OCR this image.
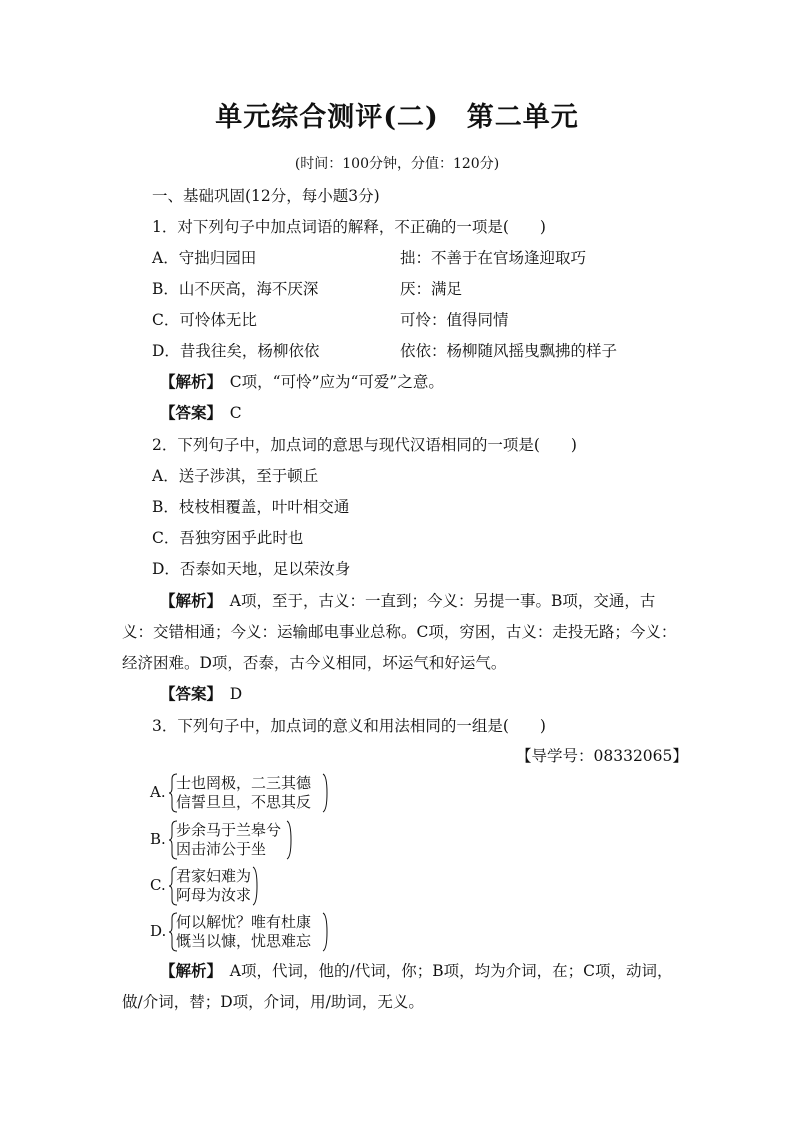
单元综合测评(二) 第二单元
(时间：100分钟，分值：120分)
一、基础巩固(12分，每小题3分)
1．对下列句子中加点词语的解释，不正确的一项是(　　)
A．守拙归园田	拙：不善于在官场逢迎取巧
B．山不厌高，海不厌深	厌：满足
C．可怜体无比	可怜：值得同情
D．昔我往矣，杨柳依依	依依：杨柳随风摇曳飘拂的样子
【解析】　 C项，“可怜”应为“可爱”之意。
【答案】　 C
2．下列句子中，加点词的意思与现代汉语相同的一项是(　　)
A．送子涉淇，至于顿丘
B．枝枝相覆盖，叶叶相交通
C．吾独穷困乎此时也
D．否泰如天地，足以荣汝身
【解析】　 A项，至于，古义：一直到；今义：另提一事。B项，交通，古
义：交错相通；今义：运输邮电事业总称。C项，穷困，古义：走投无路；今义：
经济困难。D项，否泰，古今义相同，坏运气和好运气。
【答案】　 D
3．下列句子中，加点词的意义和用法相同的一组是(　　)
【导学号：08332065】
A. 士也罔极，二三其德
信誓旦旦，不思其反
B. 步余马于兰皋兮
因击沛公于坐
C. 君家妇难为
阿母为汝求
D. 何以解忧？唯有杜康
慨当以慷，忧思难忘
【解析】　 A项，代词，他的/代词，你；B项，均为介词，在；C项，动词，
做/介词，替；D项，介词，用/助词，无义。
